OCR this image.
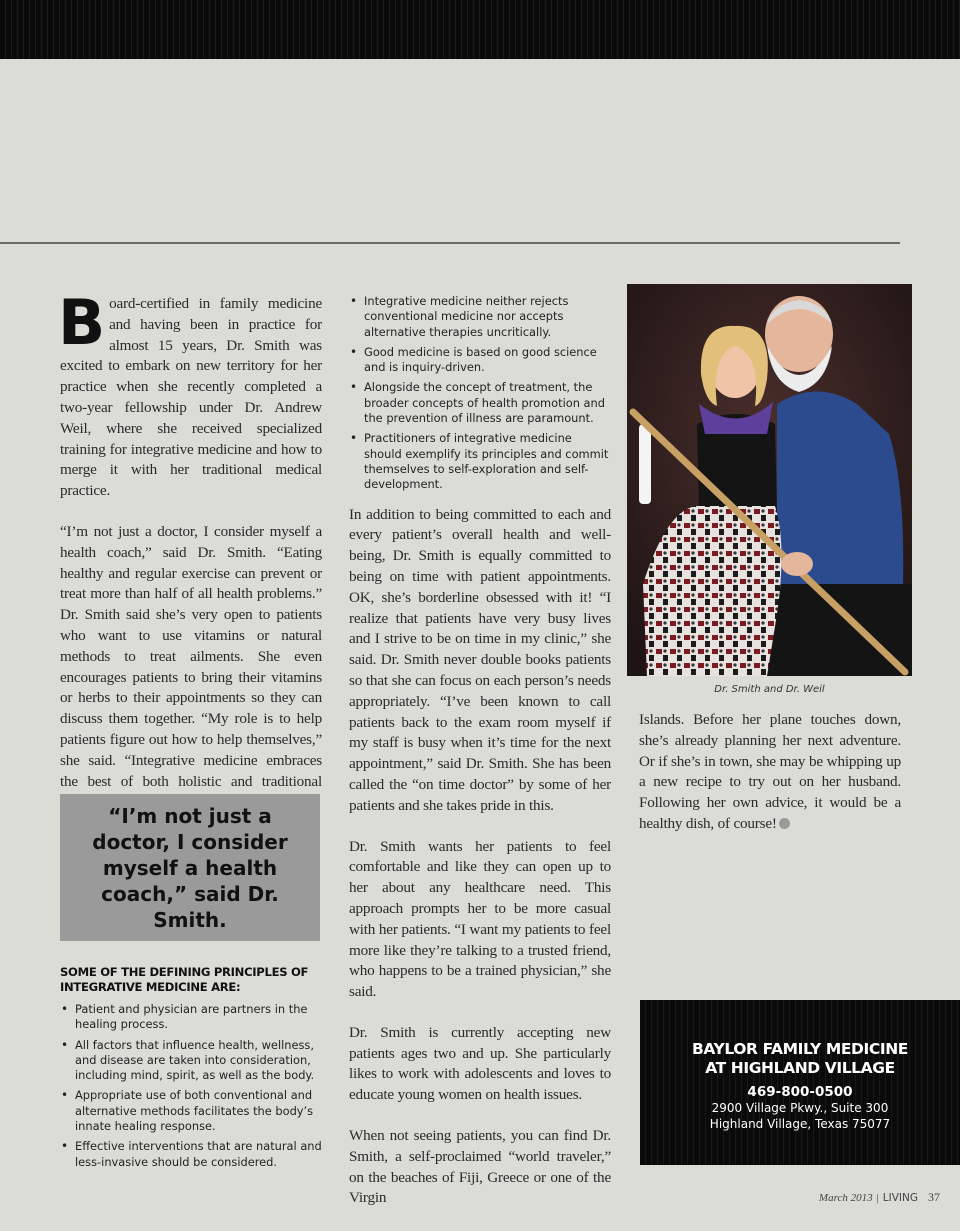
Board-certified in family medicine and having been in practice for almost 15 years, Dr. Smith was excited to embark on new territory for her practice when she recently completed a two-year fellowship under Dr. Andrew Weil, where she received specialized training for integrative medicine and how to merge it with her traditional medical practice.

“I’m not just a doctor, I consider myself a health coach,” said Dr. Smith. “Eating healthy and regular exercise can prevent or treat more than half of all health problems.” Dr. Smith said she’s very open to patients who want to use vitamins or natural methods to treat ailments. She even encourages patients to bring their vitamins or herbs to their appointments so they can discuss them together. “My role is to help patients figure out how to help themselves,” she said. “Integrative medicine embraces the best of both holistic and traditional

“I’m not just a doctor, I consider myself a health coach,” said Dr. Smith.

SOME OF THE DEFINING PRINCIPLES OF INTEGRATIVE MEDICINE ARE:
• Patient and physician are partners in the healing process.
• All factors that influence health, wellness, and disease are taken into consideration, including mind, spirit, as well as the body.
• Appropriate use of both conventional and alternative methods facilitates the body’s innate healing response.
• Effective interventions that are natural and less-invasive should be considered.
• Integrative medicine neither rejects conventional medicine nor accepts alternative therapies uncritically.
• Good medicine is based on good science and is inquiry-driven.
• Alongside the concept of treatment, the broader concepts of health promotion and the prevention of illness are paramount.
• Practitioners of integrative medicine should exemplify its principles and commit themselves to self-exploration and self-development.

In addition to being committed to each and every patient’s overall health and well-being, Dr. Smith is equally committed to being on time with patient appointments. OK, she’s borderline obsessed with it! “I realize that patients have very busy lives and I strive to be on time in my clinic,” she said. Dr. Smith never double books patients so that she can focus on each person’s needs appropriately. “I’ve been known to call patients back to the exam room myself if my staff is busy when it’s time for the next appointment,” said Dr. Smith. She has been called the “on time doctor” by some of her patients and she takes pride in this.

Dr. Smith wants her patients to feel comfortable and like they can open up to her about any healthcare need. This approach prompts her to be more casual with her patients. “I want my patients to feel more like they’re talking to a trusted friend, who happens to be a trained physician,” she said.

Dr. Smith is currently accepting new patients ages two and up. She particularly likes to work with adolescents and loves to educate young women on health issues.

When not seeing patients, you can find Dr. Smith, a self-proclaimed “world traveler,” on the beaches of Fiji, Greece or one of the Virgin

Dr. Smith and Dr. Weil

Islands. Before her plane touches down, she’s already planning her next adventure. Or if she’s in town, she may be whipping up a new recipe to try out on her husband. Following her own advice, it would be a healthy dish, of course!

BAYLOR FAMILY MEDICINE AT HIGHLAND VILLAGE
469-800-0500
2900 Village Pkwy., Suite 300
Highland Village, Texas 75077
March 2013 | LIVING 37
